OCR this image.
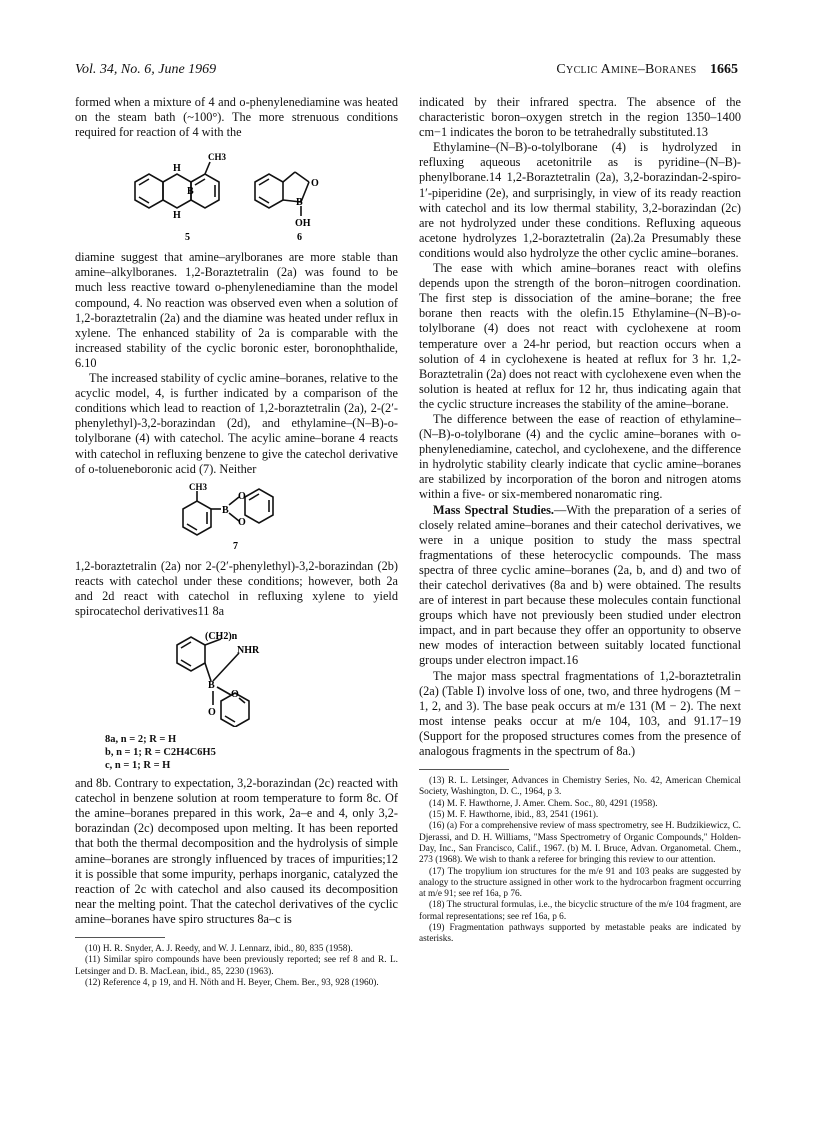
Vol. 34, No. 6, June 1969	Cyclic Amine–Boranes 1665

formed when a mixture of 4 and o-phenylenediamine was heated on the steam bath (~100°). The more strenuous conditions required for reaction of 4 with the

H
B
H
CH3
O
B
OH
5	6

diamine suggest that amine–arylboranes are more stable than amine–alkylboranes. 1,2-Boraztetralin (2a) was found to be much less reactive toward o-phenylenediamine than the model compound, 4. No reaction was observed even when a solution of 1,2-boraztetralin (2a) and the diamine was heated under reflux in xylene. The enhanced stability of 2a is comparable with the increased stability of the cyclic boronic ester, boronophthalide, 6.10

The increased stability of cyclic amine–boranes, relative to the acyclic model, 4, is further indicated by a comparison of the conditions which lead to reaction of 1,2-boraztetralin (2a), 2-(2′-phenylethyl)-3,2-borazindan (2d), and ethylamine–(N–B)-o-tolylborane (4) with catechol. The acylic amine–borane 4 reacts with catechol in refluxing benzene to give the catechol derivative of o-tolueneboronic acid (7). Neither

CH3
B
O
O
7

1,2-boraztetralin (2a) nor 2-(2′-phenylethyl)-3,2-borazindan (2b) reacts with catechol under these conditions; however, both 2a and 2d react with catechol in refluxing xylene to yield spirocatechol derivatives11 8a

(CH2)n
NHR
B
O
O
8a, n = 2; R = H
b, n = 1; R = C2H4C6H5
c, n = 1; R = H

and 8b. Contrary to expectation, 3,2-borazindan (2c) reacted with catechol in benzene solution at room temperature to form 8c. Of the amine–boranes prepared in this work, 2a–e and 4, only 3,2-borazindan (2c) decomposed upon melting. It has been reported that both the thermal decomposition and the hydrolysis of simple amine–boranes are strongly influenced by traces of impurities;12 it is possible that some impurity, perhaps inorganic, catalyzed the reaction of 2c with catechol and also caused its decomposition near the melting point. That the catechol derivatives of the cyclic amine–boranes have spiro structures 8a–c is

(10) H. R. Snyder, A. J. Reedy, and W. J. Lennarz, ibid., 80, 835 (1958).

(11) Similar spiro compounds have been previously reported; see ref 8 and R. L. Letsinger and D. B. MacLean, ibid., 85, 2230 (1963).

(12) Reference 4, p 19, and H. Nöth and H. Beyer, Chem. Ber., 93, 928 (1960).

indicated by their infrared spectra. The absence of the characteristic boron–oxygen stretch in the region 1350–1400 cm−1 indicates the boron to be tetrahedrally substituted.13

Ethylamine–(N–B)-o-tolylborane (4) is hydrolyzed in refluxing aqueous acetonitrile as is pyridine–(N–B)-phenylborane.14 1,2-Boraztetralin (2a), 3,2-borazindan-2-spiro-1′-piperidine (2e), and surprisingly, in view of its ready reaction with catechol and its low thermal stability, 3,2-borazindan (2c) are not hydrolyzed under these conditions. Refluxing aqueous acetone hydrolyzes 1,2-boraztetralin (2a).2a Presumably these conditions would also hydrolyze the other cyclic amine–boranes.

The ease with which amine–boranes react with olefins depends upon the strength of the boron–nitrogen coordination. The first step is dissociation of the amine–borane; the free borane then reacts with the olefin.15 Ethylamine–(N–B)-o-tolylborane (4) does not react with cyclohexene at room temperature over a 24-hr period, but reaction occurs when a solution of 4 in cyclohexene is heated at reflux for 3 hr. 1,2-Boraztetralin (2a) does not react with cyclohexene even when the solution is heated at reflux for 12 hr, thus indicating again that the cyclic structure increases the stability of the amine–borane.

The difference between the ease of reaction of ethylamine–(N–B)-o-tolylborane (4) and the cyclic amine–boranes with o-phenylenediamine, catechol, and cyclohexene, and the difference in hydrolytic stability clearly indicate that cyclic amine–boranes are stabilized by incorporation of the boron and nitrogen atoms within a five- or six-membered nonaromatic ring.

Mass Spectral Studies.—With the preparation of a series of closely related amine–boranes and their catechol derivatives, we were in a unique position to study the mass spectral fragmentations of these heterocyclic compounds. The mass spectra of three cyclic amine–boranes (2a, b, and d) and two of their catechol derivatives (8a and b) were obtained. The results are of interest in part because these molecules contain functional groups which have not previously been studied under electron impact, and in part because they offer an opportunity to observe new modes of interaction between suitably located functional groups under electron impact.16

The major mass spectral fragmentations of 1,2-boraztetralin (2a) (Table I) involve loss of one, two, and three hydrogens (M − 1, 2, and 3). The base peak occurs at m/e 131 (M − 2). The next most intense peaks occur at m/e 104, 103, and 91.17−19 (Support for the proposed structures comes from the presence of analogous fragments in the spectrum of 8a.)

(13) R. L. Letsinger, Advances in Chemistry Series, No. 42, American Chemical Society, Washington, D. C., 1964, p 3.

(14) M. F. Hawthorne, J. Amer. Chem. Soc., 80, 4291 (1958).

(15) M. F. Hawthorne, ibid., 83, 2541 (1961).

(16) (a) For a comprehensive review of mass spectrometry, see H. Budzikiewicz, C. Djerassi, and D. H. Williams, "Mass Spectrometry of Organic Compounds," Holden-Day, Inc., San Francisco, Calif., 1967. (b) M. I. Bruce, Advan. Organometal. Chem., 273 (1968). We wish to thank a referee for bringing this review to our attention.

(17) The tropylium ion structures for the m/e 91 and 103 peaks are suggested by analogy to the structure assigned in other work to the hydrocarbon fragment occurring at m/e 91; see ref 16a, p 76.

(18) The structural formulas, i.e., the bicyclic structure of the m/e 104 fragment, are formal representations; see ref 16a, p 6.

(19) Fragmentation pathways supported by metastable peaks are indicated by asterisks.
